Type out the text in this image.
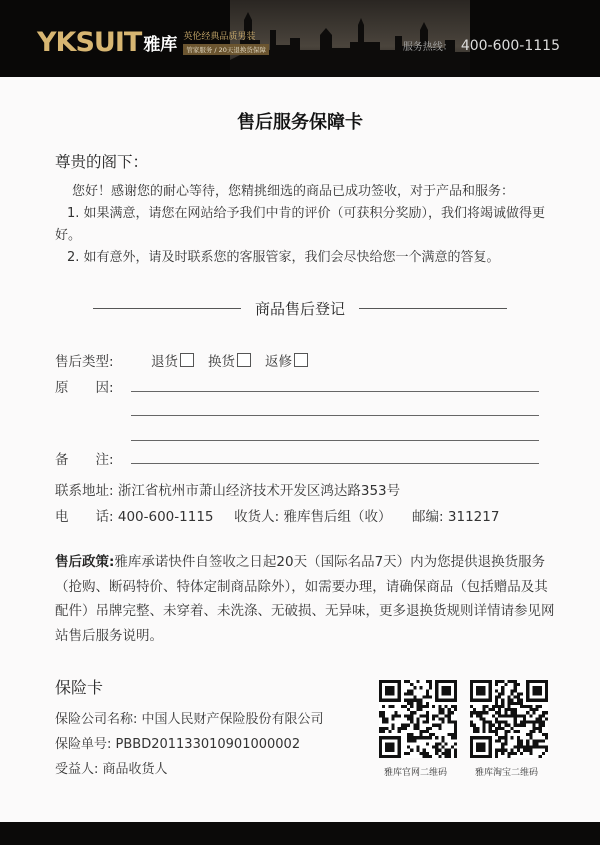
YKSUIT 雅库 英伦经典品质男装
管家服务 / 20天退换货保障	服务热线： 400-600-1115
售后服务保障卡
尊贵的阁下：
您好！感谢您的耐心等待，您精挑细选的商品已成功签收，对于产品和服务：
1. 如果满意，请您在网站给予我们中肯的评价（可获积分奖励），我们将竭诚做得更好。
2. 如有意外，请及时联系您的客服管家，我们会尽快给您一个满意的答复。
商品售后登记
售后类型:	退货 换货 返修
原　　因:
备　　注:
联系地址: 浙江省杭州市萧山经济技术开发区鸿达路353号
电　　话: 400-600-1115 收货人: 雅库售后组（收） 邮编: 311217
售后政策:雅库承诺快件自签收之日起20天（国际名品7天）内为您提供退换货服务（抢购、断码特价、特体定制商品除外），如需要办理，请确保商品（包括赠品及其配件）吊牌完整、未穿着、未洗涤、无破损、无异味，更多退换货规则详情请参见网站售后服务说明。
保险卡
保险公司名称: 中国人民财产保险股份有限公司
保险单号: PBBD201133010901000002
受益人: 商品收货人	雅库官网二维码	雅库淘宝二维码
